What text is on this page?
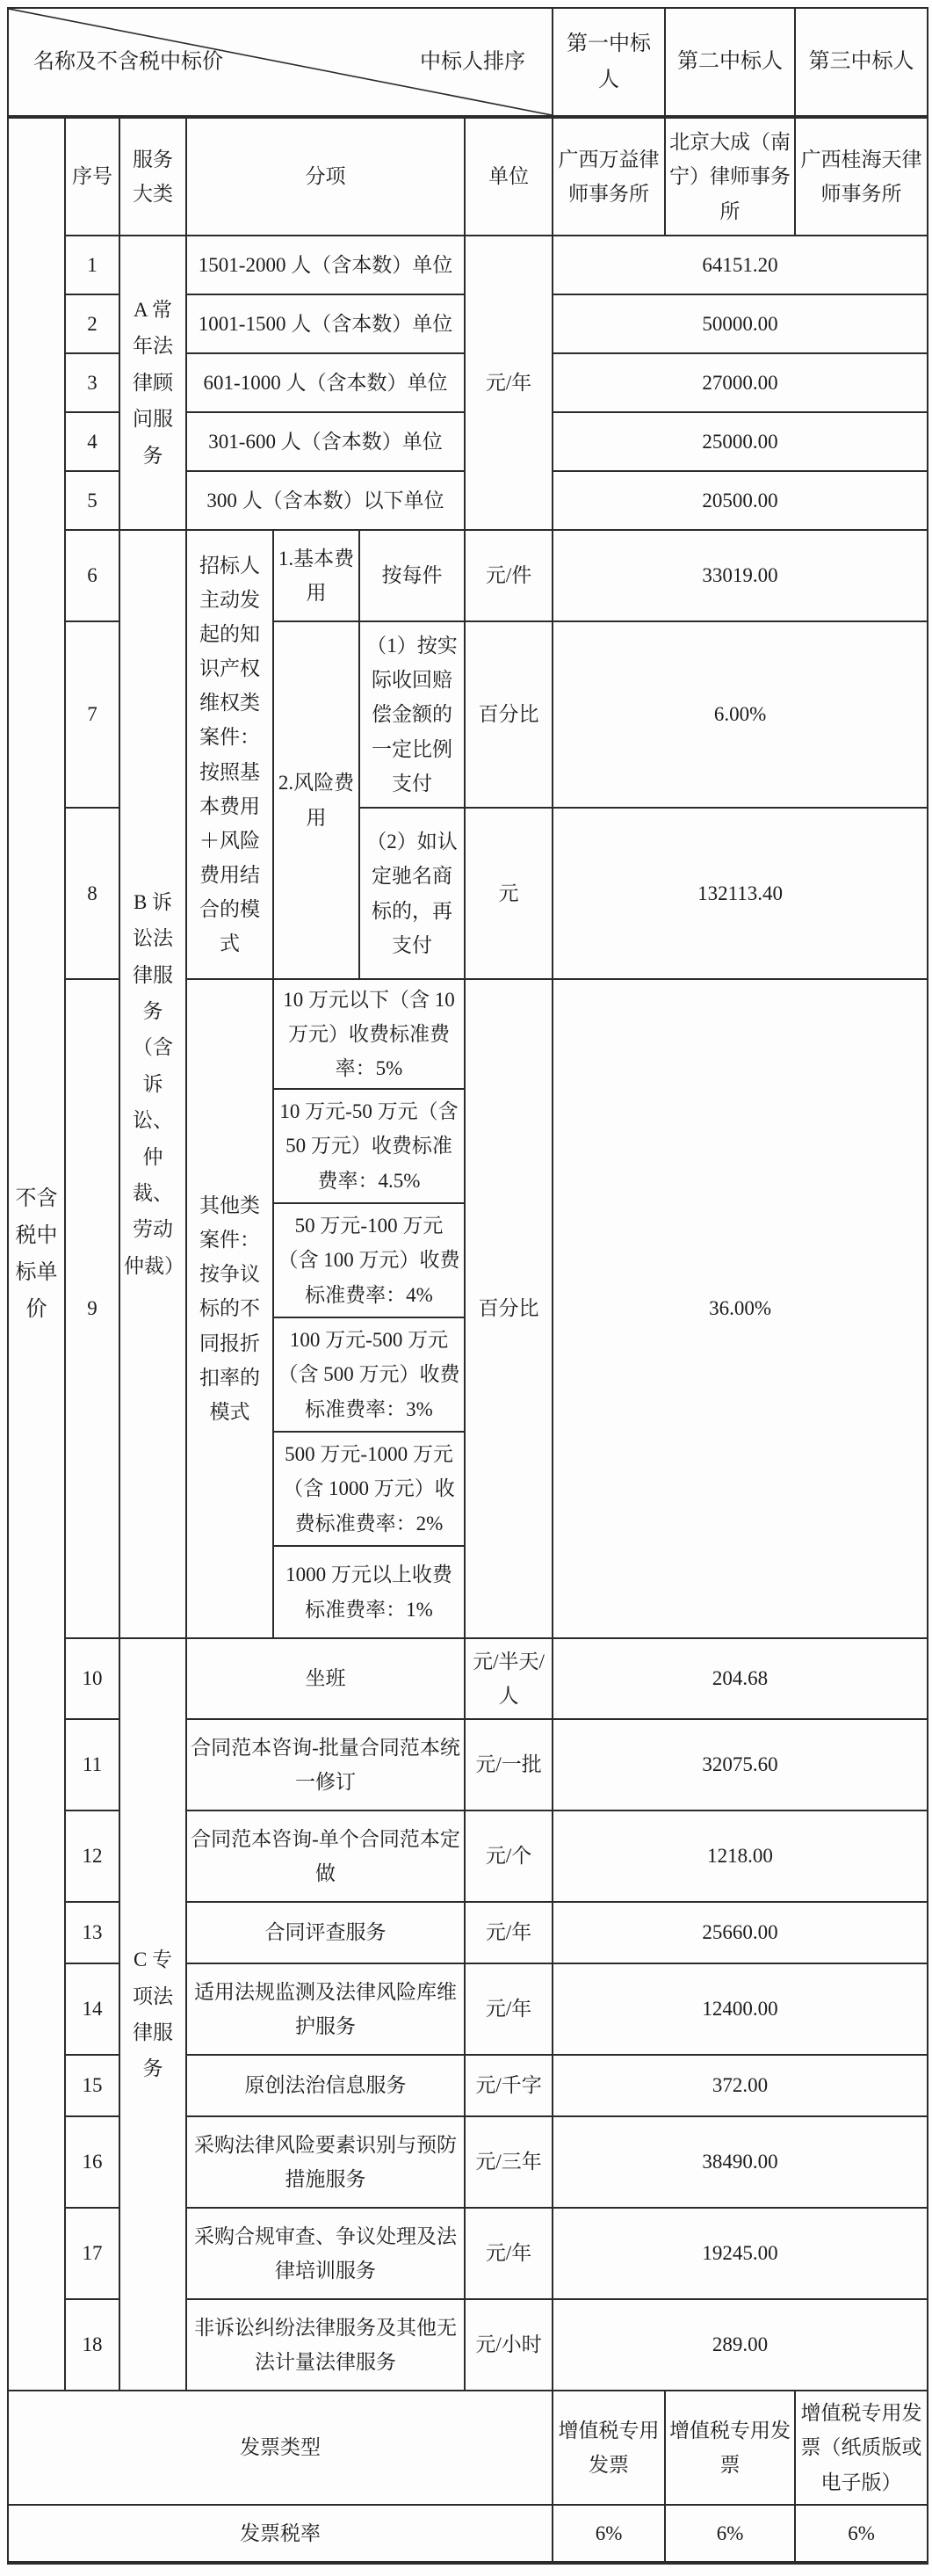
名称及不含税中标价 中标人排序							第一中标人	第二中标人	第三中标人
不含税中标单价	序号	服务大类	分项			单位	广西万益律师事务所	北京大成（南宁）律师事务所	广西桂海天律师事务所
	1	A 常年法律顾问服务	1501-2000 人（含本数）单位			元/年	64151.20		
	2		1001-1500 人（含本数）单位				50000.00		
	3		601-1000 人（含本数）单位				27000.00		
	4		301-600 人（含本数）单位				25000.00		
	5		300 人（含本数）以下单位				20500.00		
	6	B 诉讼法律服务（含诉讼、仲裁、劳动仲裁）	招标人主动发起的知识产权维权类案件：按照基本费用＋风险费用结合的模式	1.基本费用	按每件	元/件	33019.00		
	7			2.风险费用	（1）按实际收回赔偿金额的一定比例支付	百分比	6.00%		
	8				（2）如认定驰名商标的，再支付	元	132113.40		
	9		其他类案件：按争议标的不同报折扣率的模式	10 万元以下（含 10 万元）收费标准费率：5%		百分比	36.00%		
				10 万元-50 万元（含 50 万元）收费标准费率：4.5%					
				50 万元-100 万元（含 100 万元）收费标准费率：4%					
				100 万元-500 万元（含 500 万元）收费标准费率：3%					
				500 万元-1000 万元（含 1000 万元）收费标准费率：2%					
				1000 万元以上收费标准费率：1%					
	10	C 专项法律服务	坐班			元/半天/人	204.68		
	11		合同范本咨询-批量合同范本统一修订			元/一批	32075.60		
	12		合同范本咨询-单个合同范本定做			元/个	1218.00		
	13		合同评查服务			元/年	25660.00		
	14		适用法规监测及法律风险库维护服务			元/年	12400.00		
	15		原创法治信息服务			元/千字	372.00		
	16		采购法律风险要素识别与预防措施服务			元/三年	38490.00		
	17		采购合规审查、争议处理及法律培训服务			元/年	19245.00		
	18		非诉讼纠纷法律服务及其他无法计量法律服务			元/小时	289.00		
发票类型							增值税专用发票	增值税专用发票	增值税专用发票（纸质版或电子版）
发票税率							6%	6%	6%
